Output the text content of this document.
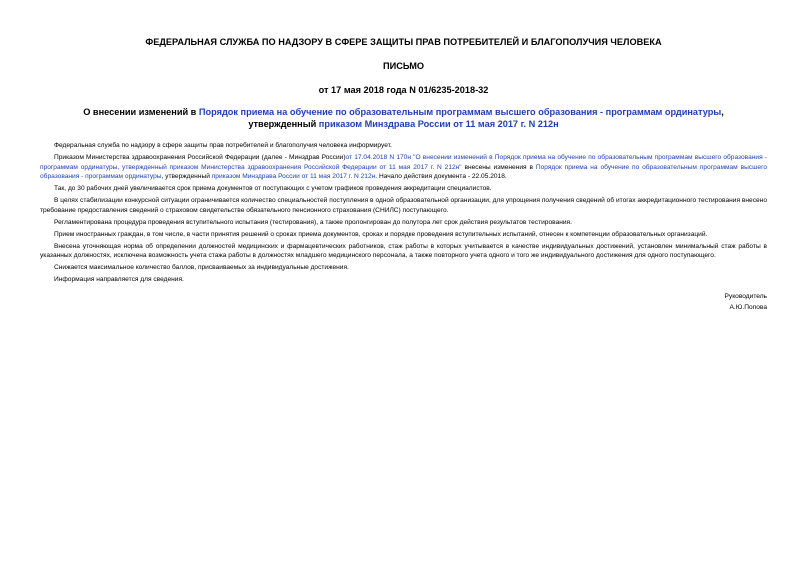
ФЕДЕРАЛЬНАЯ СЛУЖБА ПО НАДЗОРУ В СФЕРЕ ЗАЩИТЫ ПРАВ ПОТРЕБИТЕЛЕЙ И БЛАГОПОЛУЧИЯ ЧЕЛОВЕКА
ПИСЬМО
от 17 мая 2018 года N 01/6235-2018-32
О внесении изменений в Порядок приема на обучение по образовательным программам высшего образования - программам ординатуры, утвержденный приказом Минздрава России от 11 мая 2017 г. N 212н

Федеральная служба по надзору в сфере защиты прав потребителей и благополучия человека информирует.

Приказом Министерства здравоохранения Российской Федерации (далее - Минздрав России)от 17.04.2018 N 170н "О внесении изменений в Порядок приема на обучение по образовательным программам высшего образования - программам ординатуры, утвержденный приказом Министерства здравоохранения Российской Федерации от 11 мая 2017 г. N 212н" внесены изменения в Порядок приема на обучение по образовательным программам высшего образования - программам ординатуры, утвержденный приказом Минздрава России от 11 мая 2017 г. N 212н. Начало действия документа - 22.05.2018.

Так, до 30 рабочих дней увеличивается срок приема документов от поступающих с учетом графиков проведения аккредитации специалистов.

В целях стабилизации конкурсной ситуации ограничивается количество специальностей поступления в одной образовательной организации, для упрощения получения сведений об итогах аккредитационного тестирования внесено требование предоставления сведений о страховом свидетельстве обязательного пенсионного страхования (СНИЛС) поступающего.

Регламентирована процедура проведения вступительного испытания (тестирования), а также пролонгирован до полутора лет срок действия результатов тестирования.

Прием иностранных граждан, в том числе, в части принятия решений о сроках приема документов, сроках и порядке проведения вступительных испытаний, отнесен к компетенции образовательных организаций.

Внесена уточняющая норма об определении должностей медицинских и фармацевтических работников, стаж работы в которых учитывается в качестве индивидуальных достижений, установлен минимальный стаж работы в указанных должностях, исключена возможность учета стажа работы в должностях младшего медицинского персонала, а также повторного учета одного и того же индивидуального достижения для одного поступающего.

Снижается максимальное количество баллов, присваиваемых за индивидуальные достижения.

Информация направляется для сведения.

Руководитель
А.Ю.Попова
